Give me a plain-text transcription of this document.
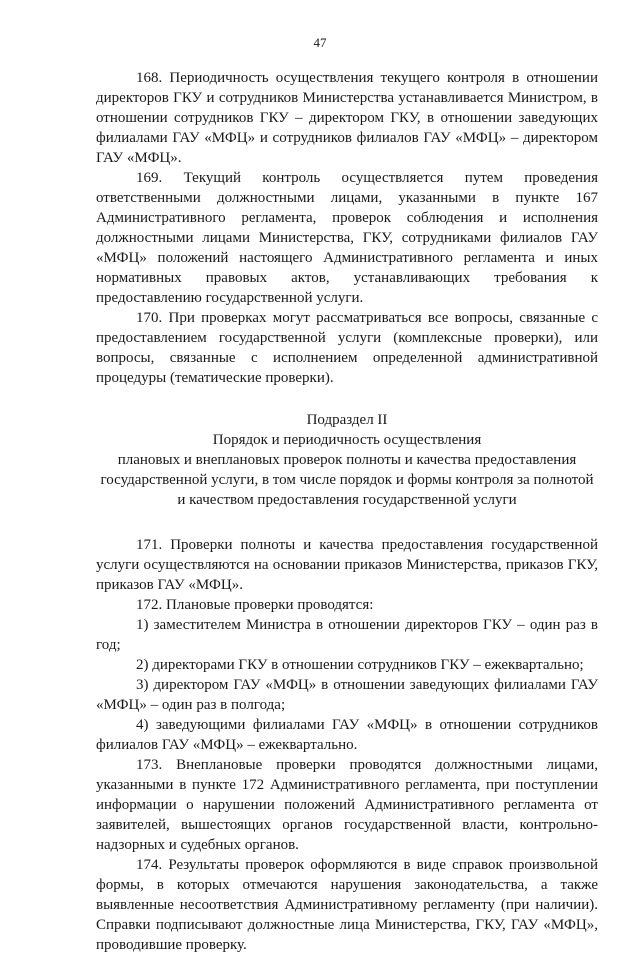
47

168. Периодичность осуществления текущего контроля в отношении директоров ГКУ и сотрудников Министерства устанавливается Министром, в отношении сотрудников ГКУ – директором ГКУ, в отношении заведующих филиалами ГАУ «МФЦ» и сотрудников филиалов ГАУ «МФЦ» – директором ГАУ «МФЦ».

169. Текущий контроль осуществляется путем проведения ответственными должностными лицами, указанными в пункте 167 Административного регламента, проверок соблюдения и исполнения должностными лицами Министерства, ГКУ, сотрудниками филиалов ГАУ «МФЦ» положений настоящего Административного регламента и иных нормативных правовых актов, устанавливающих требования к предоставлению государственной услуги.

170. При проверках могут рассматриваться все вопросы, связанные с предоставлением государственной услуги (комплексные проверки), или вопросы, связанные с исполнением определенной административной процедуры (тематические проверки).

Подраздел II
Порядок и периодичность осуществления
плановых и внеплановых проверок полноты и качества предоставления
государственной услуги, в том числе порядок и формы контроля за полнотой
и качеством предоставления государственной услуги

171. Проверки полноты и качества предоставления государственной услуги осуществляются на основании приказов Министерства, приказов ГКУ, приказов ГАУ «МФЦ».

172. Плановые проверки проводятся:

1) заместителем Министра в отношении директоров ГКУ – один раз в год;

2) директорами ГКУ в отношении сотрудников ГКУ – ежеквартально;

3) директором ГАУ «МФЦ» в отношении заведующих филиалами ГАУ «МФЦ» – один раз в полгода;

4) заведующими филиалами ГАУ «МФЦ» в отношении сотрудников филиалов ГАУ «МФЦ» – ежеквартально.

173. Внеплановые проверки проводятся должностными лицами, указанными в пункте 172 Административного регламента, при поступлении информации о нарушении положений Административного регламента от заявителей, вышестоящих органов государственной власти, контрольно-надзорных и судебных органов.

174. Результаты проверок оформляются в виде справок произвольной формы, в которых отмечаются нарушения законодательства, а также выявленные несоответствия Административному регламенту (при наличии). Справки подписывают должностные лица Министерства, ГКУ, ГАУ «МФЦ», проводившие проверку.
